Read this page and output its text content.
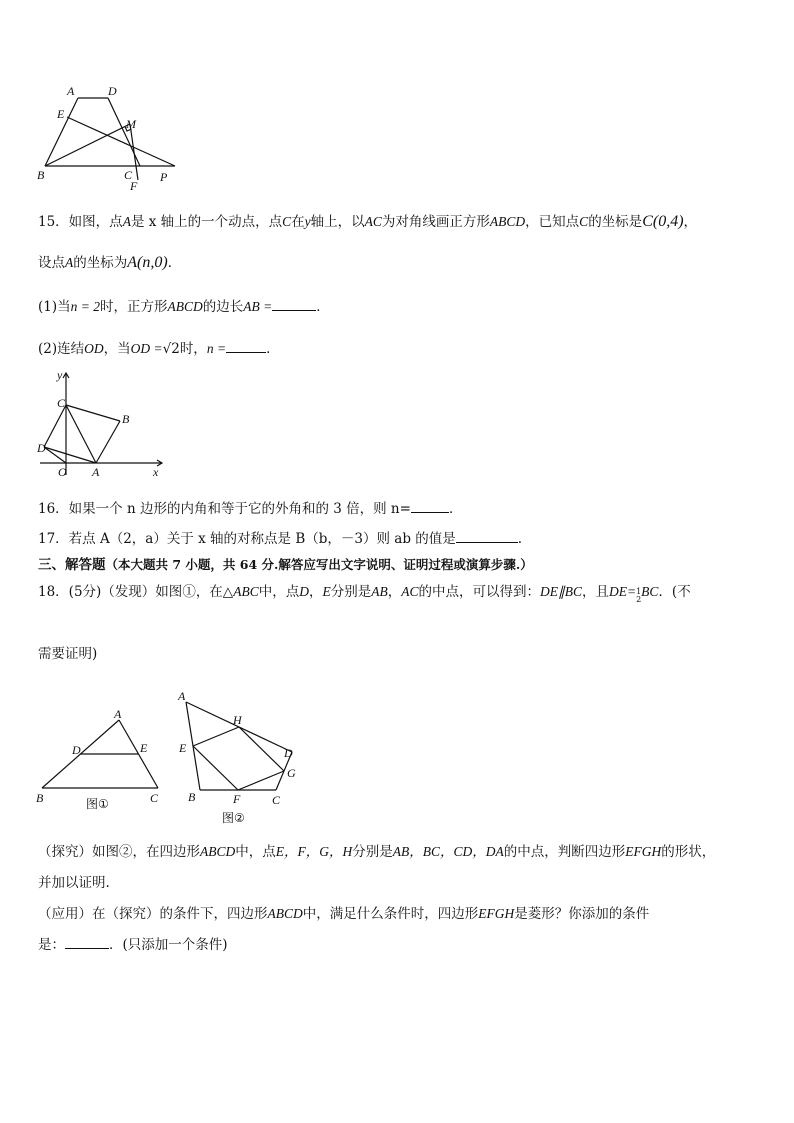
A	D
E
M
B	C
F
P
15．如图，点A是 x 轴上的一个动点，点C在y轴上，以AC为对角线画正方形ABCD，已知点C的坐标是C(0,4)，
设点A的坐标为A(n,0)．
(1)当n = 2时，正方形ABCD的边长AB =	．
(2)连结OD，当OD =√2时，n =	．
y
C
B
D
O A	x
16．如果一个 n 边形的内角和等于它的外角和的 3 倍，则 n=	．
17．若点 A（2，a）关于 x 轴的对称点是 B（b，－3）则 ab 的值是	.
三、解答题（本大题共 7 小题，共 64 分.解答应写出文字说明、证明过程或演算步骤.）
18．(5分)（发现）如图①，在△ABC中，点D，E分别是AB，AC的中点，可以得到：DE∥BC，且DE=1
2BC．(不
需要证明)
A
D	E
B	C
图①
A
H
E	D
G
B	F	C
图②
（探究）如图②，在四边形ABCD中，点E，F，G，H分别是AB，BC，CD，DA的中点，判断四边形EFGH的形状，
并加以证明.
（应用）在（探究）的条件下，四边形ABCD中，满足什么条件时，四边形EFGH是菱形？你添加的条件
是：	．(只添加一个条件)
